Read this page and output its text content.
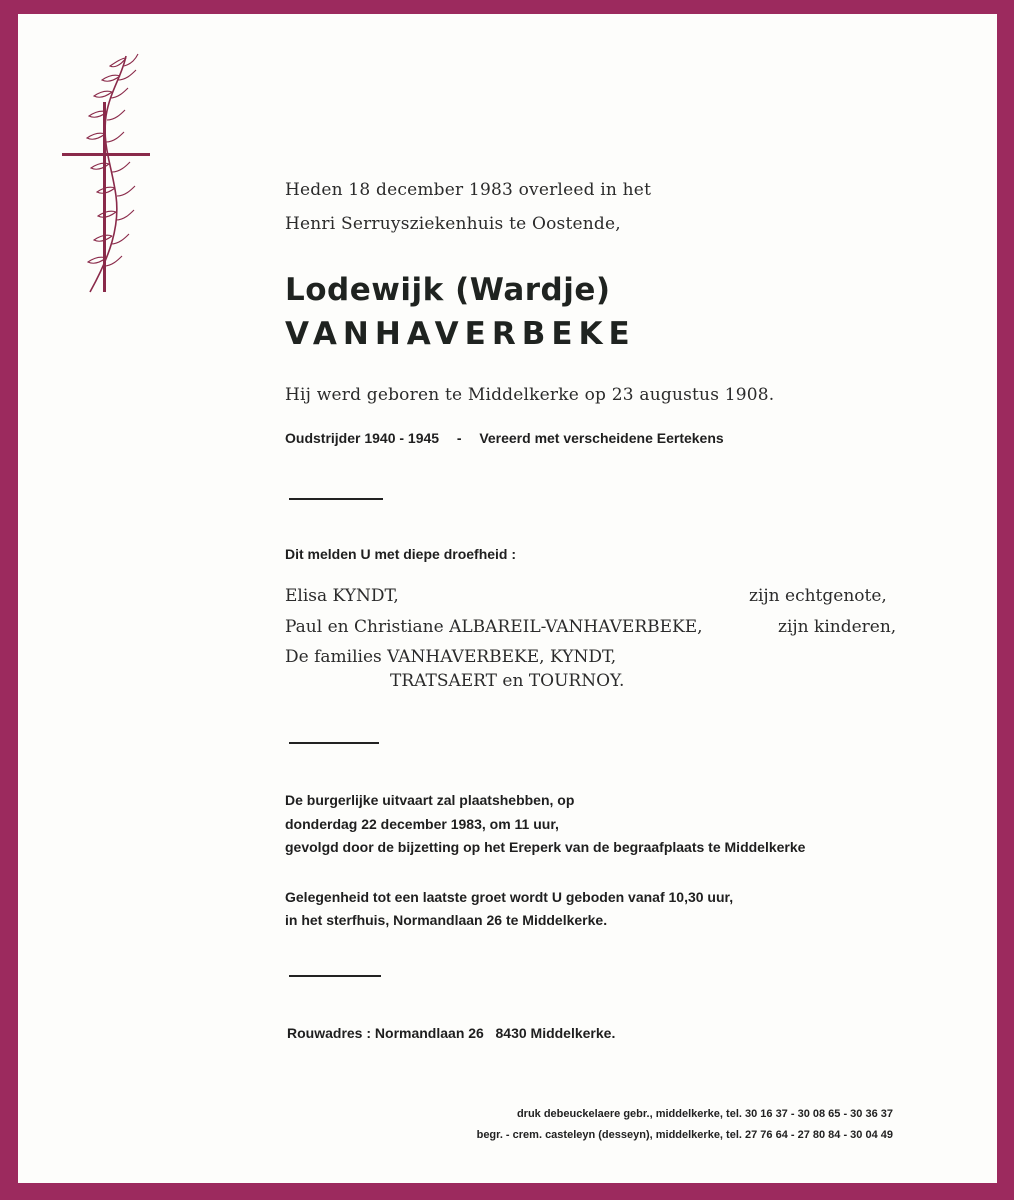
Heden 18 december 1983 overleed in het
Henri Serruysziekenhuis te Oostende,
Lodewijk (Wardje)
VANHAVERBEKE
Hij werd geboren te Middelkerke op 23 augustus 1908.
Oudstrijder 1940 - 1945 - Vereerd met verscheidene Eertekens
Dit melden U met diepe droefheid :
Elisa KYNDT,	zijn echtgenote,
Paul en Christiane ALBAREIL-VANHAVERBEKE,	zijn kinderen,
De families VANHAVERBEKE, KYNDT,
TRATSAERT en TOURNOY.
De burgerlijke uitvaart zal plaatshebben, op
donderdag 22 december 1983, om 11 uur,
gevolgd door de bijzetting op het Ereperk van de begraafplaats te Middelkerke
Gelegenheid tot een laatste groet wordt U geboden vanaf 10,30 uur,
in het sterfhuis, Normandlaan 26 te Middelkerke.
Rouwadres : Normandlaan 26   8430 Middelkerke.
druk debeuckelaere gebr., middelkerke, tel. 30 16 37 - 30 08 65 - 30 36 37
begr. - crem. casteleyn (desseyn), middelkerke, tel. 27 76 64 - 27 80 84 - 30 04 49
